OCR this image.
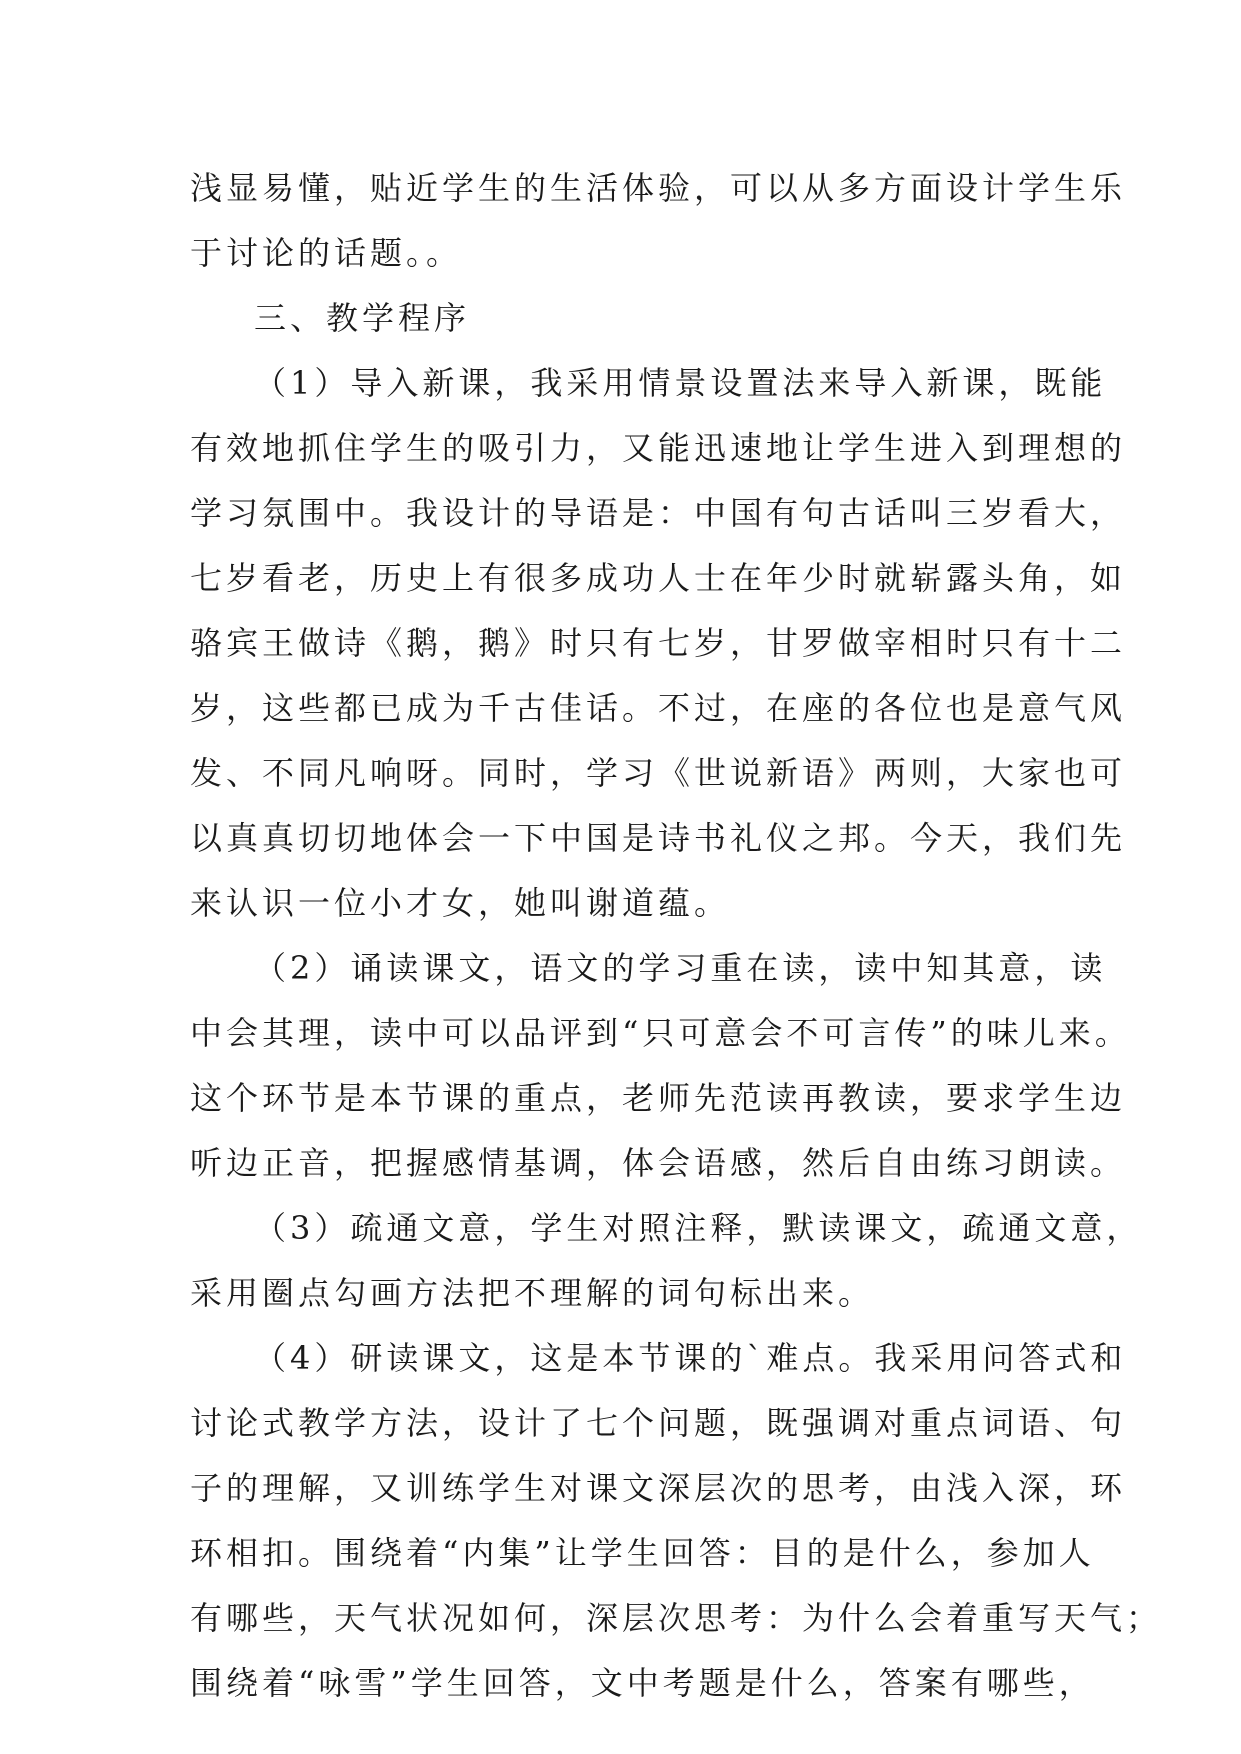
浅显易懂，贴近学生的生活体验，可以从多方面设计学生乐
于讨论的话题。。
三、教学程序
（1）导入新课，我采用情景设置法来导入新课，既能
有效地抓住学生的吸引力，又能迅速地让学生进入到理想的
学习氛围中。我设计的导语是：中国有句古话叫三岁看大，
七岁看老，历史上有很多成功人士在年少时就崭露头角，如
骆宾王做诗《鹅，鹅》时只有七岁，甘罗做宰相时只有十二
岁，这些都已成为千古佳话。不过，在座的各位也是意气风
发、不同凡响呀。同时，学习《世说新语》两则，大家也可
以真真切切地体会一下中国是诗书礼仪之邦。今天，我们先
来认识一位小才女，她叫谢道蕴。
（2）诵读课文，语文的学习重在读，读中知其意，读
中会其理，读中可以品评到“只可意会不可言传”的味儿来。
这个环节是本节课的重点，老师先范读再教读，要求学生边
听边正音，把握感情基调，体会语感，然后自由练习朗读。
（3）疏通文意，学生对照注释，默读课文，疏通文意，
采用圈点勾画方法把不理解的词句标出来。
（4）研读课文，这是本节课的`难点。我采用问答式和
讨论式教学方法，设计了七个问题，既强调对重点词语、句
子的理解，又训练学生对课文深层次的思考，由浅入深，环
环相扣。围绕着“内集”让学生回答：目的是什么，参加人
有哪些，天气状况如何，深层次思考：为什么会着重写天气；
围绕着“咏雪”学生回答，文中考题是什么，答案有哪些，
